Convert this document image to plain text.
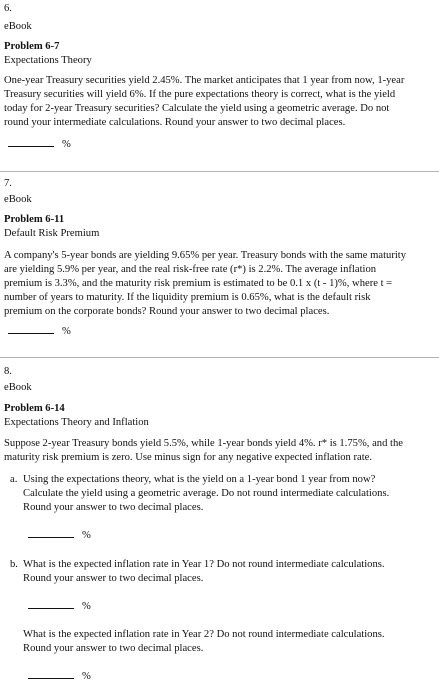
6.
eBook
Problem 6-7
Expectations Theory
One-year Treasury securities yield 2.45%. The market anticipates that 1 year from now, 1-year
Treasury securities will yield 6%. If the pure expectations theory is correct, what is the yield
today for 2-year Treasury securities? Calculate the yield using a geometric average. Do not
round your intermediate calculations. Round your answer to two decimal places.
%
7.
eBook
Problem 6-11
Default Risk Premium
A company's 5-year bonds are yielding 9.65% per year. Treasury bonds with the same maturity
are yielding 5.9% per year, and the real risk-free rate (r*) is 2.2%. The average inflation
premium is 3.3%, and the maturity risk premium is estimated to be 0.1 x (t - 1)%, where t =
number of years to maturity. If the liquidity premium is 0.65%, what is the default risk
premium on the corporate bonds? Round your answer to two decimal places.
%
8.
eBook
Problem 6-14
Expectations Theory and Inflation
Suppose 2-year Treasury bonds yield 5.5%, while 1-year bonds yield 4%. r* is 1.75%, and the
maturity risk premium is zero. Use minus sign for any negative expected inflation rate.
a. Using the expectations theory, what is the yield on a 1-year bond 1 year from now?
Calculate the yield using a geometric average. Do not round intermediate calculations.
Round your answer to two decimal places.
%
b. What is the expected inflation rate in Year 1? Do not round intermediate calculations.
Round your answer to two decimal places.
%
What is the expected inflation rate in Year 2? Do not round intermediate calculations.
Round your answer to two decimal places.
%
